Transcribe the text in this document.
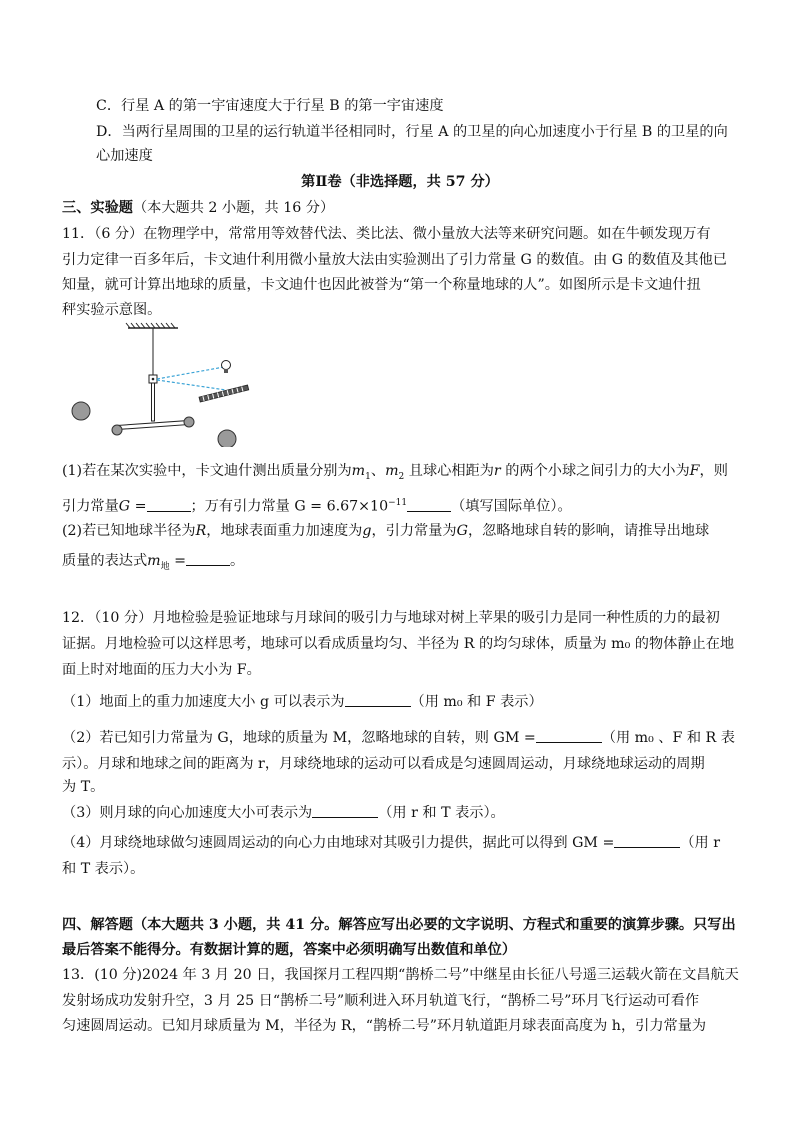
C．行星 A 的第一宇宙速度大于行星 B 的第一宇宙速度
D．当两行星周围的卫星的运行轨道半径相同时，行星 A 的卫星的向心加速度小于行星 B 的卫星的向
心加速度
第Ⅱ卷（非选择题，共 57 分）
三、实验题（本大题共 2 小题，共 16 分）
11．（6 分）在物理学中，常常用等效替代法、类比法、微小量放大法等来研究问题。如在牛顿发现万有
引力定律一百多年后，卡文迪什利用微小量放大法由实验测出了引力常量 G 的数值。由 G 的数值及其他已
知量，就可计算出地球的质量，卡文迪什也因此被誉为“第一个称量地球的人”。如图所示是卡文迪什扭
秤实验示意图。
(1)若在某次实验中，卡文迪什测出质量分别为$m_1$、$m_2$ 且球心相距为r 的两个小球之间引力的大小为F，则
引力常量G =	；万有引力常量 $G = 6.67\times 10^{-11}$	（填写国际单位）。
(2)若已知地球半径为R，地球表面重力加速度为g，引力常量为G，忽略地球自转的影响，请推导出地球
质量的表达式$m_地$ =	。
12．（10 分）月地检验是验证地球与月球间的吸引力与地球对树上苹果的吸引力是同一种性质的力的最初
证据。月地检验可以这样思考，地球可以看成质量均匀、半径为 R 的均匀球体，质量为 m₀ 的物体静止在地
面上时对地面的压力大小为 F。
（1）地面上的重力加速度大小 g 可以表示为	（用 m₀ 和 F 表示）
（2）若已知引力常量为 G，地球的质量为 M，忽略地球的自转，则 GM =	（用 m₀ 、F 和 R 表
示）。月球和地球之间的距离为 r，月球绕地球的运动可以看成是匀速圆周运动，月球绕地球运动的周期
为 T。
（3）则月球的向心加速度大小可表示为	（用 r 和 T 表示）。
（4）月球绕地球做匀速圆周运动的向心力由地球对其吸引力提供，据此可以得到 GM =	（用 r
和 T 表示）。
四、解答题（本大题共 3 小题，共 41 分。解答应写出必要的文字说明、方程式和重要的演算步骤。只写出
最后答案不能得分。有数据计算的题，答案中必须明确写出数值和单位）
13．(10 分)2024 年 3 月 20 日，我国探月工程四期“鹊桥二号”中继星由长征八号遥三运载火箭在文昌航天
发射场成功发射升空，3 月 25 日“鹊桥二号”顺利进入环月轨道飞行，“鹊桥二号”环月飞行运动可看作
匀速圆周运动。已知月球质量为 M，半径为 R，“鹊桥二号”环月轨道距月球表面高度为 h，引力常量为
